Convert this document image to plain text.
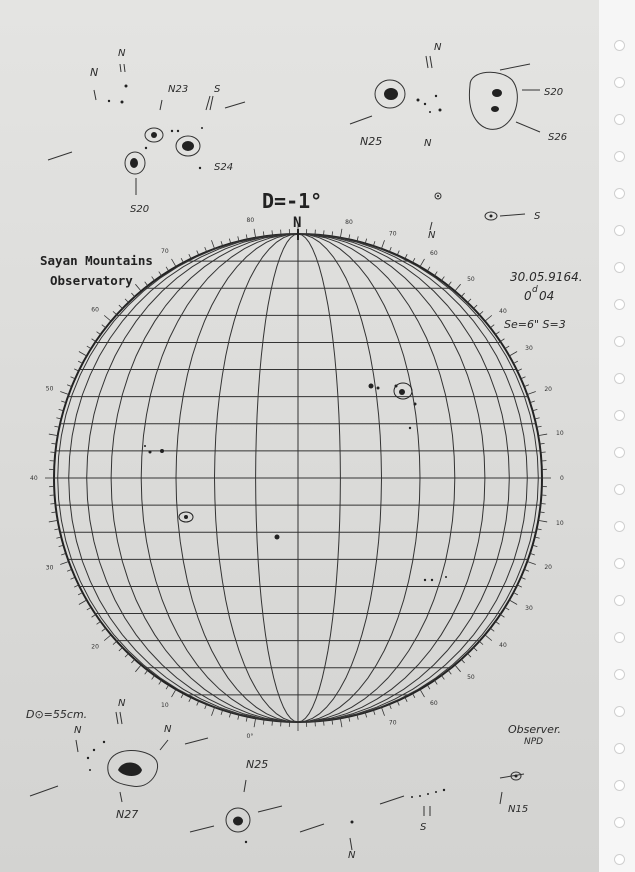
D=-1°
N
Sayan Mountains
Observatory	30.05.9164.
0 d 04
Se=6" S=3
D⊙=55cm.
Observer.
NPD
N
N
N23	S
S24
S20
N
N25	N
S20
S26
N
S
N
N
N
N27
N25
N
S
N15
0°
10
20
30
40
50
60
70
80	80
70
60
50
40
30
20
10
0
10
20
30
40
50
60
70
